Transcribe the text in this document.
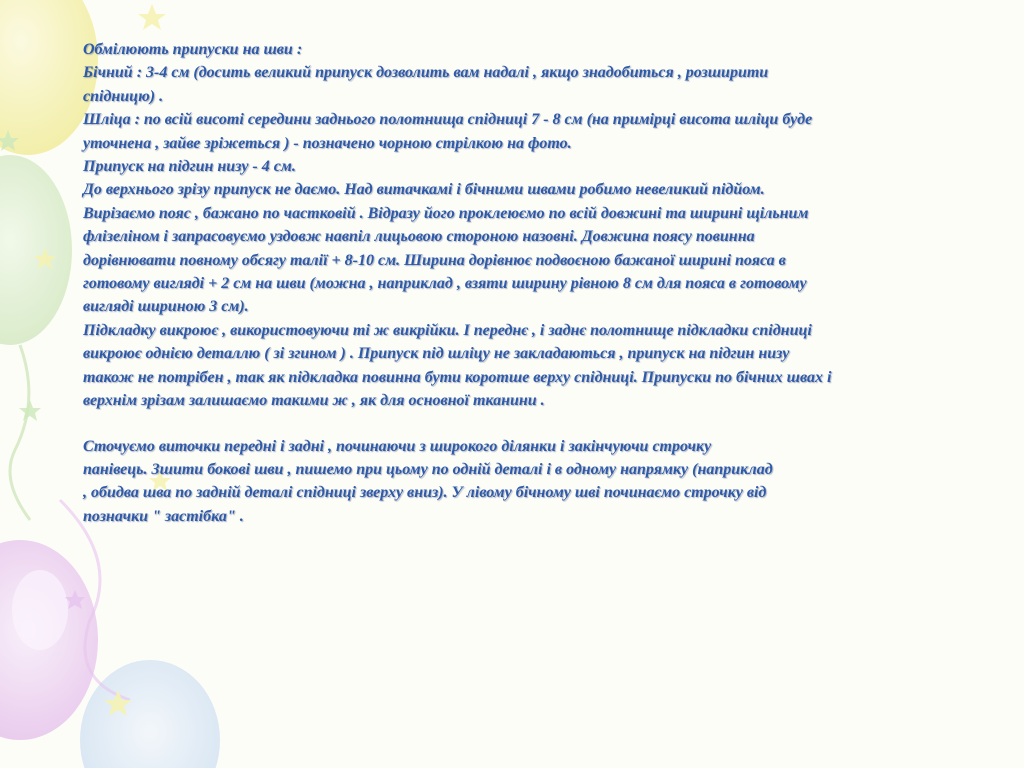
Обмілюють припуски на шви :

Бічний : 3-4 см (досить великий припуск дозволить вам надалі , якщо знадобиться , розширити

спідницю) .

Шліца : по всій висоті середини заднього полотнища спідниці 7 - 8 см (на примірці висота шліци буде

уточнена , зайве зріжеться ) - позначено чорною стрілкою на фото.

Припуск на підгин низу - 4 см.

До верхнього зрізу припуск не даємо. Над витачкамі і бічними швами робимо невеликий підйом.

Вирізаємо пояс , бажано по частковій . Відразу його проклеюємо по всій довжині та ширині щільним

флізеліном і запрасовуємо уздовж навпіл лицьовою стороною назовні. Довжина поясу повинна

дорівнювати повному обсягу талії + 8-10 см. Ширина дорівнює подвоєною бажаної ширині пояса в

готовому вигляді + 2 см на шви (можна , наприклад , взяти ширину рівною 8 см для пояса в готовому

вигляді шириною 3 см).

Підкладку викроює , використовуючи ті ж викрійки. І переднє , і заднє полотнище підкладки спідниці

викроює однією деталлю ( зі згином ) . Припуск під шліцу не закладаються , припуск на підгин низу

також не потрібен , так як підкладка повинна бути коротше верху спідниці. Припуски по бічних швах і

верхнім зрізам залишаємо такими ж , як для основної тканини .

Сточуємо виточки передні і задні , починаючи з широкого ділянки і закінчуючи строчку

панівець. Зшити бокові шви , пишемо при цьому по одній деталі і в одному напрямку (наприклад

, обидва шва по задній деталі спідниці зверху вниз). У лівому бічному шві починаємо строчку від

позначки " застібка" .
